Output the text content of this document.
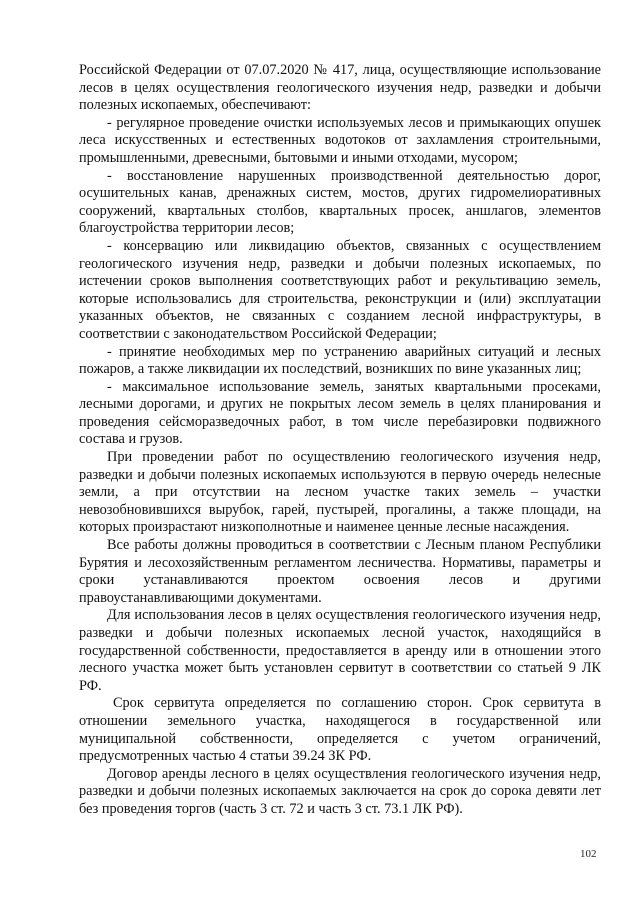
Российской Федерации от 07.07.2020 № 417, лица, осуществляющие использование лесов в целях осуществления геологического изучения недр, разведки и добычи полезных ископаемых, обеспечивают:

- регулярное проведение очистки используемых лесов и примыкающих опушек леса искусственных и естественных водотоков от захламления строительными, промышленными, древесными, бытовыми и иными отходами, мусором;

- восстановление нарушенных производственной деятельностью дорог, осушительных канав, дренажных систем, мостов, других гидромелиоративных сооружений, квартальных столбов, квартальных просек, аншлагов, элементов благоустройства территории лесов;

- консервацию или ликвидацию объектов, связанных с осуществлением геологического изучения недр, разведки и добычи полезных ископаемых, по истечении сроков выполнения соответствующих работ и рекультивацию земель, которые использовались для строительства, реконструкции и (или) эксплуатации указанных объектов, не связанных с созданием лесной инфраструктуры, в соответствии с законодательством Российской Федерации;

- принятие необходимых мер по устранению аварийных ситуаций и лесных пожаров, а также ликвидации их последствий, возникших по вине указанных лиц;

- максимальное использование земель, занятых квартальными просеками, лесными дорогами, и других не покрытых лесом земель в целях планирования и проведения сейсморазведочных работ, в том числе перебазировки подвижного состава и грузов.

При проведении работ по осуществлению геологического изучения недр, разведки и добычи полезных ископаемых используются в первую очередь нелесные земли, а при отсутствии на лесном участке таких земель – участки невозобновившихся вырубок, гарей, пустырей, прогалины, а также площади, на которых произрастают низкополнотные и наименее ценные лесные насаждения.

Все работы должны проводиться в соответствии с Лесным планом Республики Бурятия и лесохозяйственным регламентом лесничества. Нормативы, параметры и сроки устанавливаются проектом освоения лесов и другими правоустанавливающими документами.

Для использования лесов в целях осуществления геологического изучения недр, разведки и добычи полезных ископаемых лесной участок, находящийся в государственной собственности, предоставляется в аренду или в отношении этого лесного участка может быть установлен сервитут в соответствии со статьей 9 ЛК РФ.

Срок сервитута определяется по соглашению сторон. Срок сервитута в отношении земельного участка, находящегося в государственной или муниципальной собственности, определяется с учетом ограничений, предусмотренных частью 4 статьи 39.24 ЗК РФ.

Договор аренды лесного в целях осуществления геологического изучения недр, разведки и добычи полезных ископаемых заключается на срок до сорока девяти лет без проведения торгов (часть 3 ст. 72 и часть 3 ст. 73.1 ЛК РФ).

102
